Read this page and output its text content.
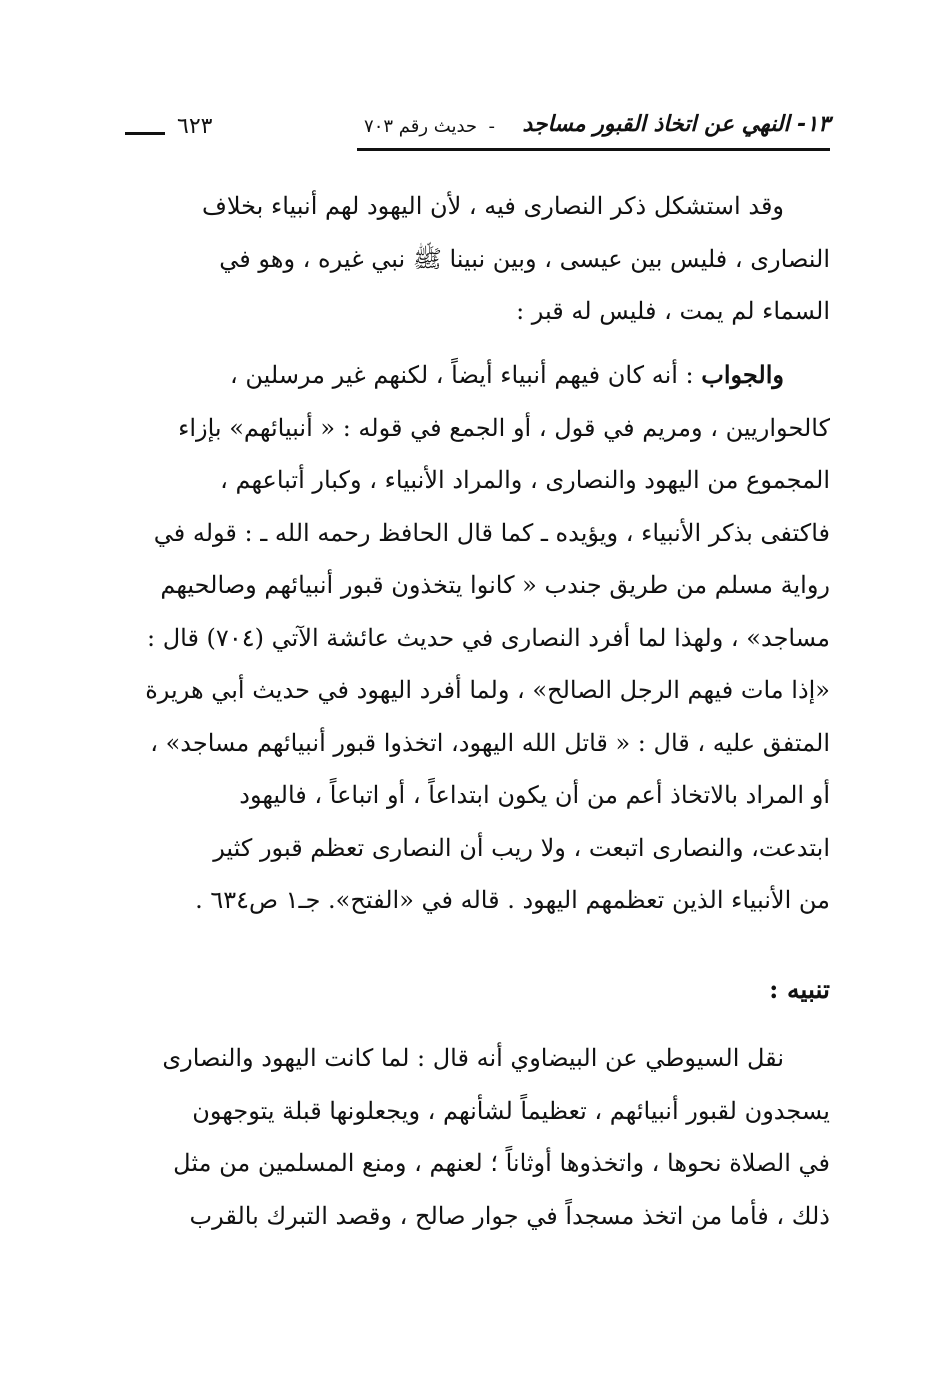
١٣- النهي عن اتخاذ القبور مساجد
-  حديث رقم ٧٠٣
٦٢٣
وقد استشكل ذكر النصارى فيه ، لأن اليهود لهم أنبياء بخلاف
النصارى ، فليس بين عيسى ، وبين نبينا ﷺ نبي غيره ، وهو في
السماء لم يمت ، فليس له قبر :
والجواب : أنه كان فيهم أنبياء أيضاً ، لكنهم غير مرسلين ،
كالحواريين ، ومريم في قول ، أو الجمع في قوله : « أنبيائهم» بإزاء
المجموع من اليهود والنصارى ، والمراد الأنبياء ، وكبار أتباعهم ،
فاكتفى بذكر الأنبياء ، ويؤيده ـ كما قال الحافظ رحمه الله ـ : قوله في
رواية مسلم من طريق جندب « كانوا يتخذون قبور أنبيائهم وصالحيهم
مساجد» ، ولهذا لما أفرد النصارى في حديث عائشة الآتي (٧٠٤) قال :
«إذا مات فيهم الرجل الصالح» ، ولما أفرد اليهود في حديث أبي هريرة
المتفق عليه ، قال : « قاتل الله اليهود، اتخذوا قبور أنبيائهم مساجد» ،
أو المراد بالاتخاذ أعم من أن يكون ابتداعاً ، أو اتباعاً ، فاليهود
ابتدعت، والنصارى اتبعت ، ولا ريب أن النصارى تعظم قبور كثير
من الأنبياء الذين تعظمهم اليهود . قاله في «الفتح». جـ١ ص٦٣٤ .
تنبيه :
نقل السيوطي عن البيضاوي أنه قال : لما كانت اليهود والنصارى
يسجدون لقبور أنبيائهم ، تعظيماً لشأنهم ، ويجعلونها قبلة يتوجهون
في الصلاة نحوها ، واتخذوها أوثاناً ؛ لعنهم ، ومنع المسلمين من مثل
ذلك ، فأما من اتخذ مسجداً في جوار صالح ، وقصد التبرك بالقرب
